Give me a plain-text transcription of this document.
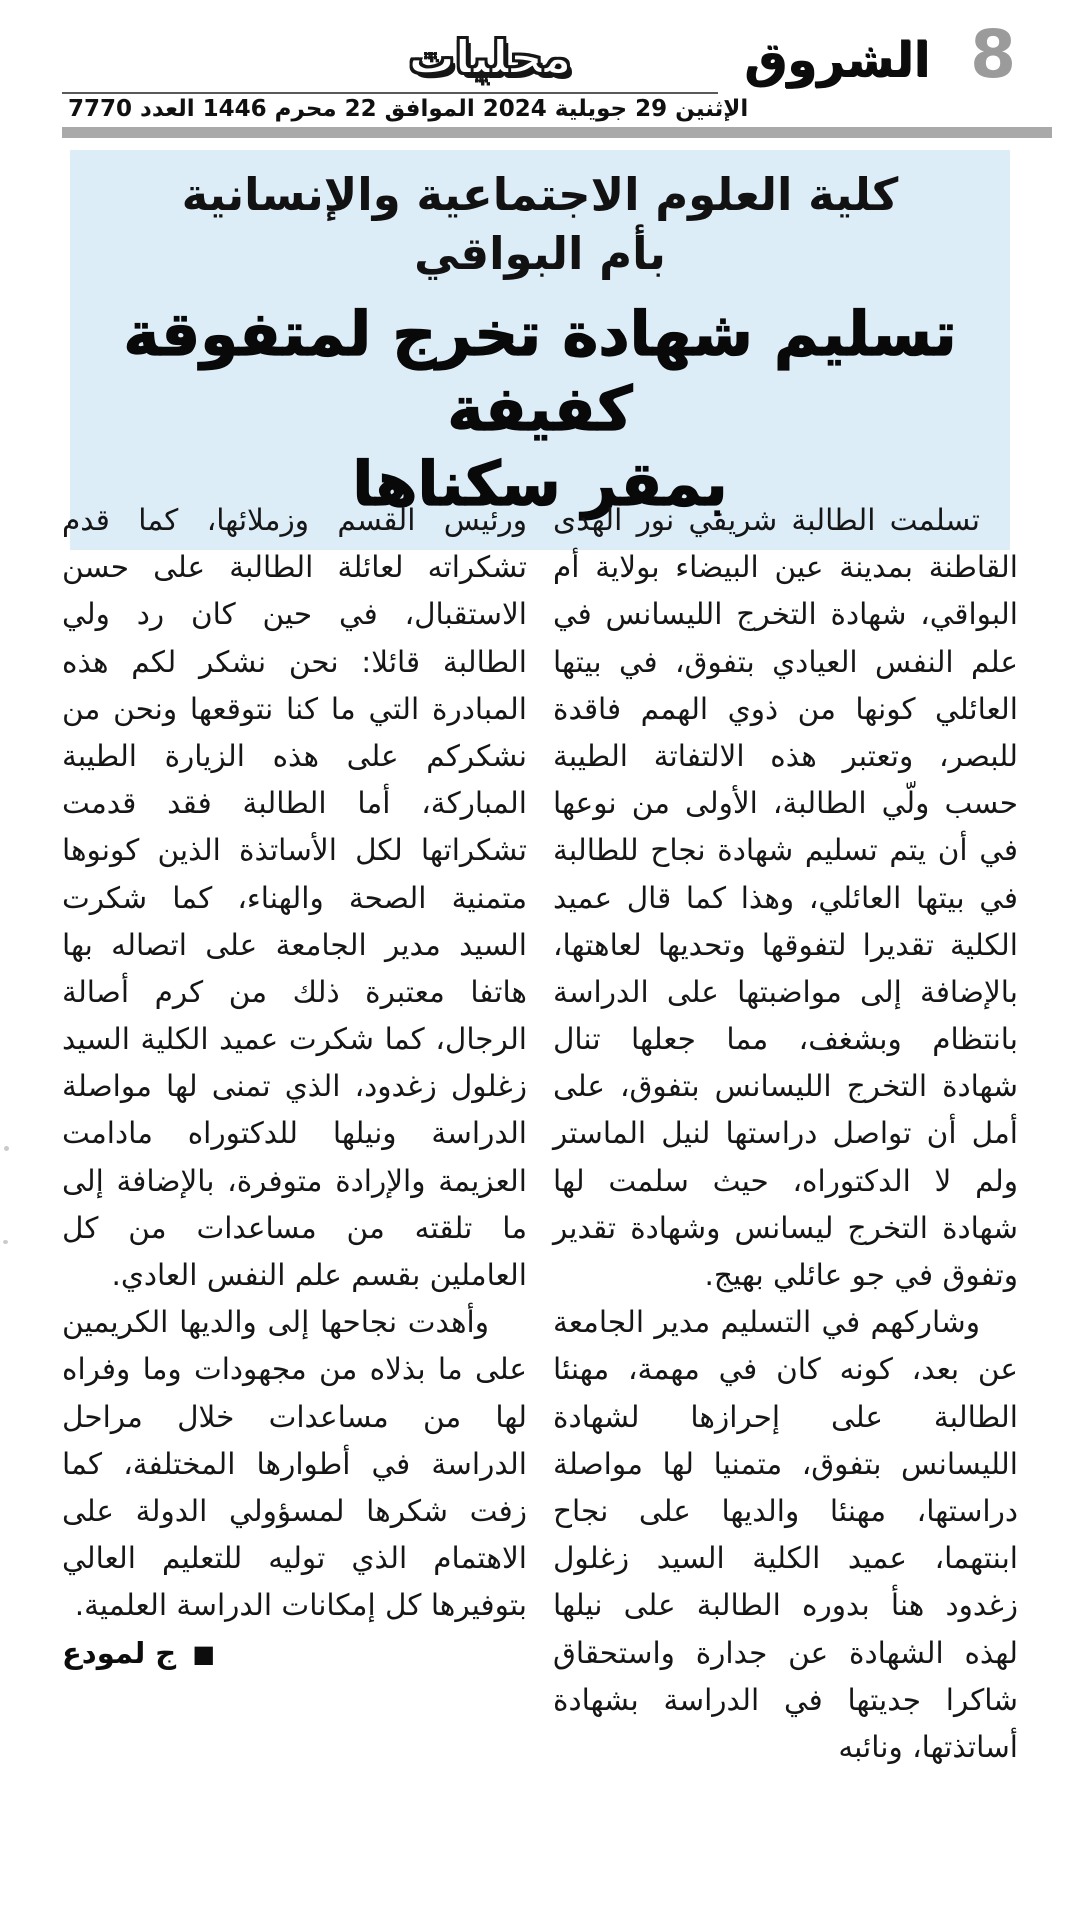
محليات	8
الشروق
الإثنين 29 جويلية 2024 الموافق 22 محرم 1446 العدد 7770
كلية العلوم الاجتماعية والإنسانية
بأم البواقي
تسليم شهادة تخرج لمتفوقة كفيفة
بمقر سكناها

تسلمت الطالبة شريفي نور الهدى القاطنة بمدينة عين البيضاء بولاية أم البواقي، شهادة التخرج الليسانس في علم النفس العيادي بتفوق، في بيتها العائلي كونها من ذوي الهمم فاقدة للبصر، وتعتبر هذه الالتفاتة الطيبة حسب ولّي الطالبة، الأولى من نوعها في أن يتم تسليم شهادة نجاح للطالبة في بيتها العائلي، وهذا كما قال عميد الكلية تقديرا لتفوقها وتحديها لعاهتها، بالإضافة إلى مواضبتها على الدراسة بانتظام وبشغف، مما جعلها تنال شهادة التخرج الليسانس بتفوق، على أمل أن تواصل دراستها لنيل الماستر ولم لا الدكتوراه، حيث سلمت لها شهادة التخرج ليسانس وشهادة تقدير وتفوق في جو عائلي بهيج.

وشاركهم في التسليم مدير الجامعة عن بعد، كونه كان في مهمة، مهنئا الطالبة على إحرازها لشهادة الليسانس بتفوق، متمنيا لها مواصلة دراستها، مهنئا والديها على نجاح ابنتهما، عميد الكلية السيد زغلول زغدود هنأ بدوره الطالبة على نيلها لهذه الشهادة عن جدارة واستحقاق شاكرا جديتها في الدراسة بشهادة أساتذتها، ونائبه

ورئيس القسم وزملائها، كما قدم تشكراته لعائلة الطالبة على حسن الاستقبال، في حين كان رد ولي الطالبة قائلا: نحن نشكر لكم هذه المبادرة التي ما كنا نتوقعها ونحن من نشكركم على هذه الزيارة الطيبة المباركة، أما الطالبة فقد قدمت تشكراتها لكل الأساتذة الذين كونوها متمنية الصحة والهناء، كما شكرت السيد مدير الجامعة على اتصاله بها هاتفا معتبرة ذلك من كرم أصالة الرجال، كما شكرت عميد الكلية السيد زغلول زغدود، الذي تمنى لها مواصلة الدراسة ونيلها للدكتوراه مادامت العزيمة والإرادة متوفرة، بالإضافة إلى ما تلقته من مساعدات من كل العاملين بقسم علم النفس العادي.

وأهدت نجاحها إلى والديها الكريمين على ما بذلاه من مجهودات وما وفراه لها من مساعدات خلال مراحل الدراسة في أطوارها المختلفة، كما زفت شكرها لمسؤولي الدولة على الاهتمام الذي توليه للتعليم العالي بتوفيرها كل إمكانات الدراسة العلمية.

■ ج لمودع
